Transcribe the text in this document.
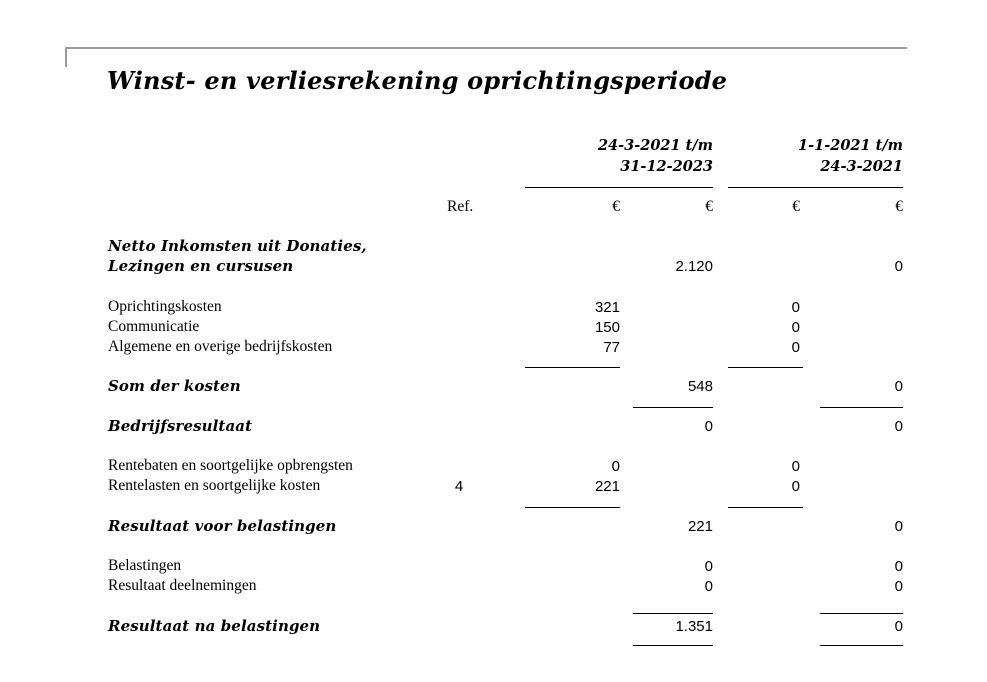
Winst- en verliesrekening oprichtingsperiode
24-3-2021 t/m
31-12-2023
1-1-2021 t/m
24-3-2021
Ref.	€	€	€	€
Netto Inkomsten uit Donaties,
Lezingen en cursusen	2.120	0
Oprichtingskosten	321	0
Communicatie	150	0
Algemene en overige bedrijfskosten	77	0
Som der kosten	548	0
Bedrijfsresultaat	0	0
Rentebaten en soortgelijke opbrengsten	0	0
Rentelasten en soortgelijke kosten	4	221	0
Resultaat voor belastingen	221	0
Belastingen	0	0
Resultaat deelnemingen	0	0
Resultaat na belastingen	1.351	0
